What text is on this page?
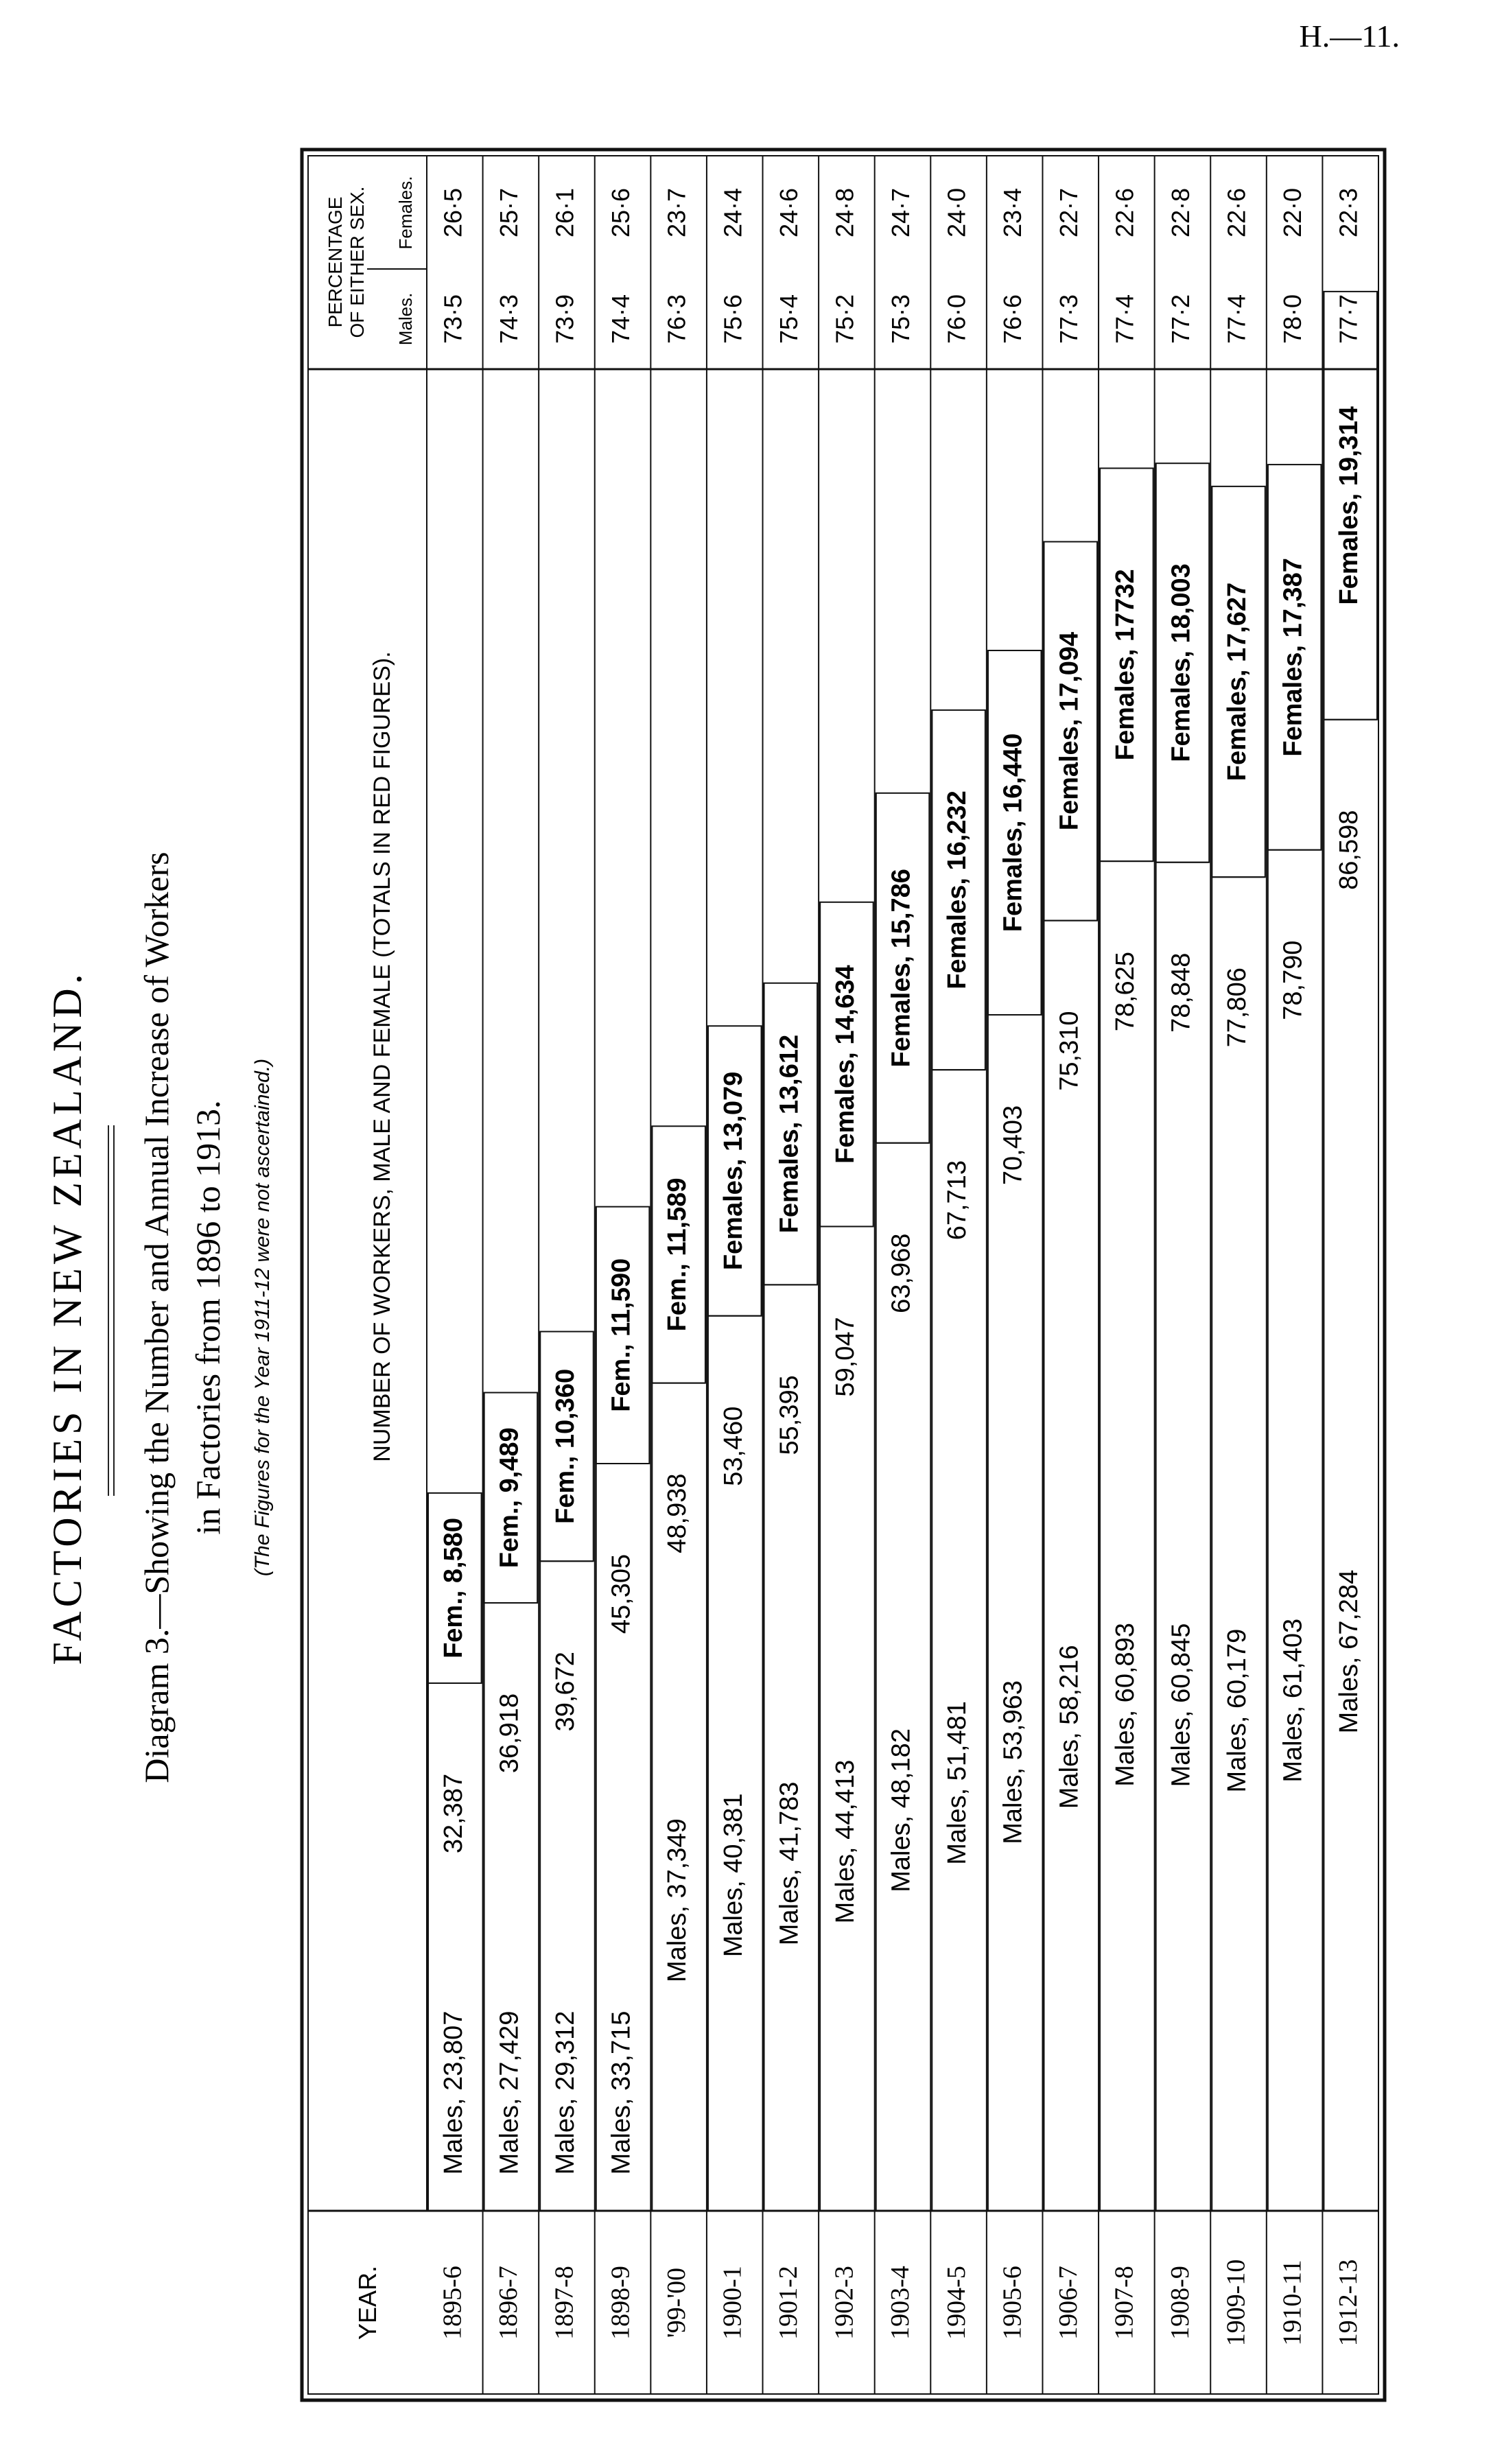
H.—11.
FACTORIES IN NEW ZEALAND. Diagram 3.—Showing the Number and Annual Increase of Workers in Factories from 1896 to 1913. (The Figures for the Year 1911-12 were not ascertained.)
YEAR.
NUMBER OF WORKERS, MALE AND FEMALE (TOTALS IN RED FIGURES).
PERCENTAGE OF EITHER SEX. Males.
Females.
1895-6
Males, 23,807
Fem., 8,580
32,387
73·5
26·5
1896-7
Males, 27,429
Fem., 9,489
36,918
74·3
25·7
1897-8
Males, 29,312
Fem., 10,360
39,672
73·9
26·1
1898-9
Males, 33,715
Fem., 11,590
45,305
74·4
25·6
'99-'00
Males, 37,349
Fem., 11,589
48,938
76·3
23·7
1900-1
Males, 40,381
Females, 13,079
53,460
75·6
24·4
1901-2
Males, 41,783
Females, 13,612
55,395
75·4
24·6
1902-3
Males, 44,413
Females, 14,634
59,047
75·2
24·8
1903-4
Males, 48,182
Females, 15,786
63,968
75·3
24·7
1904-5
Males, 51,481
Females, 16,232
67,713
76·0
24·0
1905-6
Males, 53,963
Females, 16,440
70,403
76·6
23·4
1906-7
Males, 58,216
Females, 17,094
75,310
77·3
22·7
1907-8
Males, 60,893
Females, 17732
78,625
77·4
22·6
1908-9
Males, 60,845
Females, 18,003
78,848
77·2
22·8
1909-10
Males, 60,179
Females, 17,627
77,806
77·4
22·6
1910-11
Males, 61,403
Females, 17,387
78,790
78·0
22·0
1912-13
Males, 67,284
Females, 19,314
86,598
77·7
22·3
